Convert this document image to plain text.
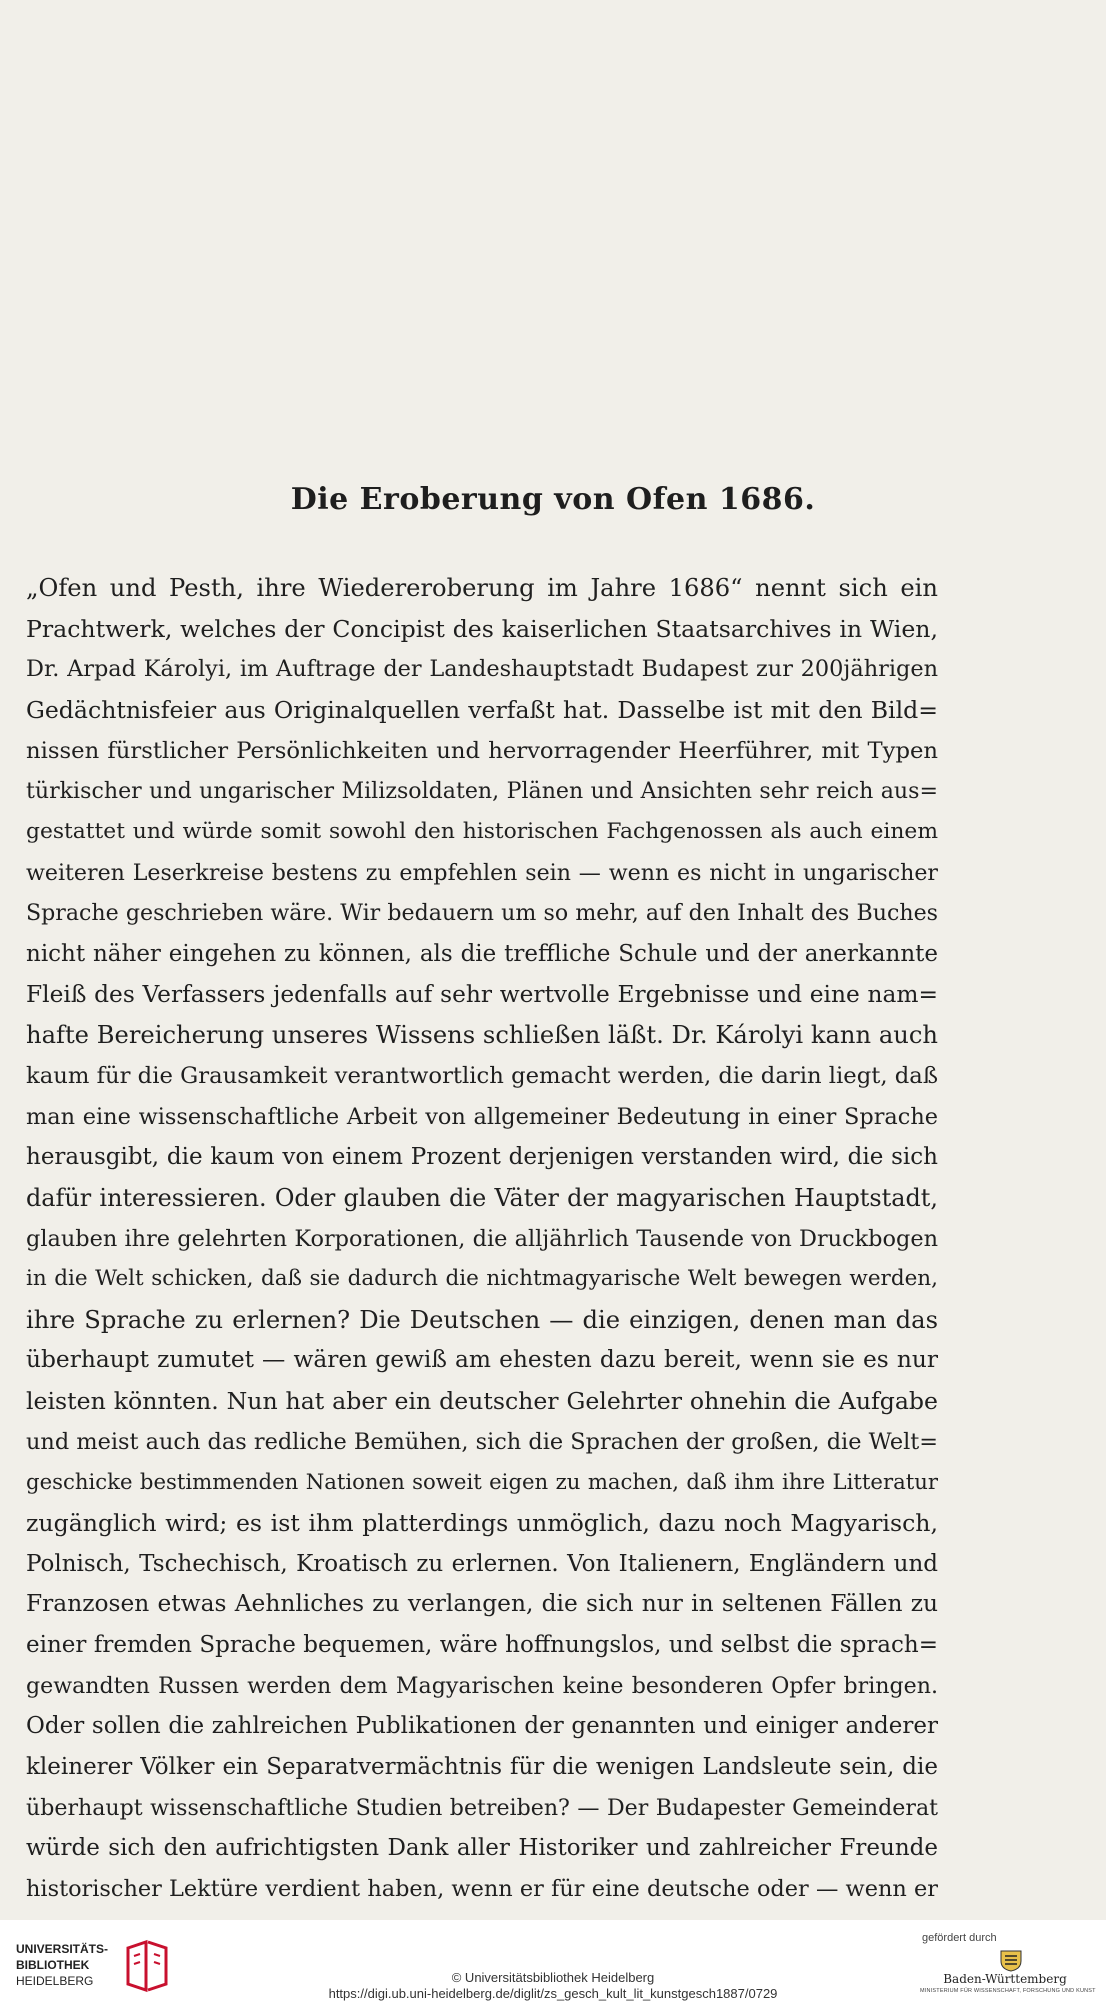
Die Eroberung von Ofen 1686.
„Ofen und Pesth, ihre Wiedereroberung im Jahre 1686“ nennt sich ein
Prachtwerk, welches der Concipist des kaiserlichen Staatsarchives in Wien,
Dr. Arpad Károlyi, im Auftrage der Landeshauptstadt Budapest zur 200jährigen
Gedächtnisfeier aus Originalquellen verfaßt hat. Dasselbe ist mit den Bild=
nissen fürstlicher Persönlichkeiten und hervorragender Heerführer, mit Typen
türkischer und ungarischer Milizsoldaten, Plänen und Ansichten sehr reich aus=
gestattet und würde somit sowohl den historischen Fachgenossen als auch einem
weiteren Leserkreise bestens zu empfehlen sein — wenn es nicht in ungarischer
Sprache geschrieben wäre. Wir bedauern um so mehr, auf den Inhalt des Buches
nicht näher eingehen zu können, als die treffliche Schule und der anerkannte
Fleiß des Verfassers jedenfalls auf sehr wertvolle Ergebnisse und eine nam=
hafte Bereicherung unseres Wissens schließen läßt. Dr. Károlyi kann auch
kaum für die Grausamkeit verantwortlich gemacht werden, die darin liegt, daß
man eine wissenschaftliche Arbeit von allgemeiner Bedeutung in einer Sprache
herausgibt, die kaum von einem Prozent derjenigen verstanden wird, die sich
dafür interessieren. Oder glauben die Väter der magyarischen Hauptstadt,
glauben ihre gelehrten Korporationen, die alljährlich Tausende von Druckbogen
in die Welt schicken, daß sie dadurch die nichtmagyarische Welt bewegen werden,
ihre Sprache zu erlernen? Die Deutschen — die einzigen, denen man das
überhaupt zumutet — wären gewiß am ehesten dazu bereit, wenn sie es nur
leisten könnten. Nun hat aber ein deutscher Gelehrter ohnehin die Aufgabe
und meist auch das redliche Bemühen, sich die Sprachen der großen, die Welt=
geschicke bestimmenden Nationen soweit eigen zu machen, daß ihm ihre Litteratur
zugänglich wird; es ist ihm platterdings unmöglich, dazu noch Magyarisch,
Polnisch, Tschechisch, Kroatisch zu erlernen. Von Italienern, Engländern und
Franzosen etwas Aehnliches zu verlangen, die sich nur in seltenen Fällen zu
einer fremden Sprache bequemen, wäre hoffnungslos, und selbst die sprach=
gewandten Russen werden dem Magyarischen keine besonderen Opfer bringen.
Oder sollen die zahlreichen Publikationen der genannten und einiger anderer
kleinerer Völker ein Separatvermächtnis für die wenigen Landsleute sein, die
überhaupt wissenschaftliche Studien betreiben? — Der Budapester Gemeinderat
würde sich den aufrichtigsten Dank aller Historiker und zahlreicher Freunde
historischer Lektüre verdient haben, wenn er für eine deutsche oder — wenn er
UNIVERSITÄTS-
BIBLIOTHEK
HEIDELBERG	© Universitätsbibliothek Heidelberg
https://digi.ub.uni-heidelberg.de/diglit/zs_gesch_kult_lit_kunstgesch1887/0729
gefördert durch
Baden-Württemberg
MINISTERIUM FÜR WISSENSCHAFT, FORSCHUNG UND KUNST
